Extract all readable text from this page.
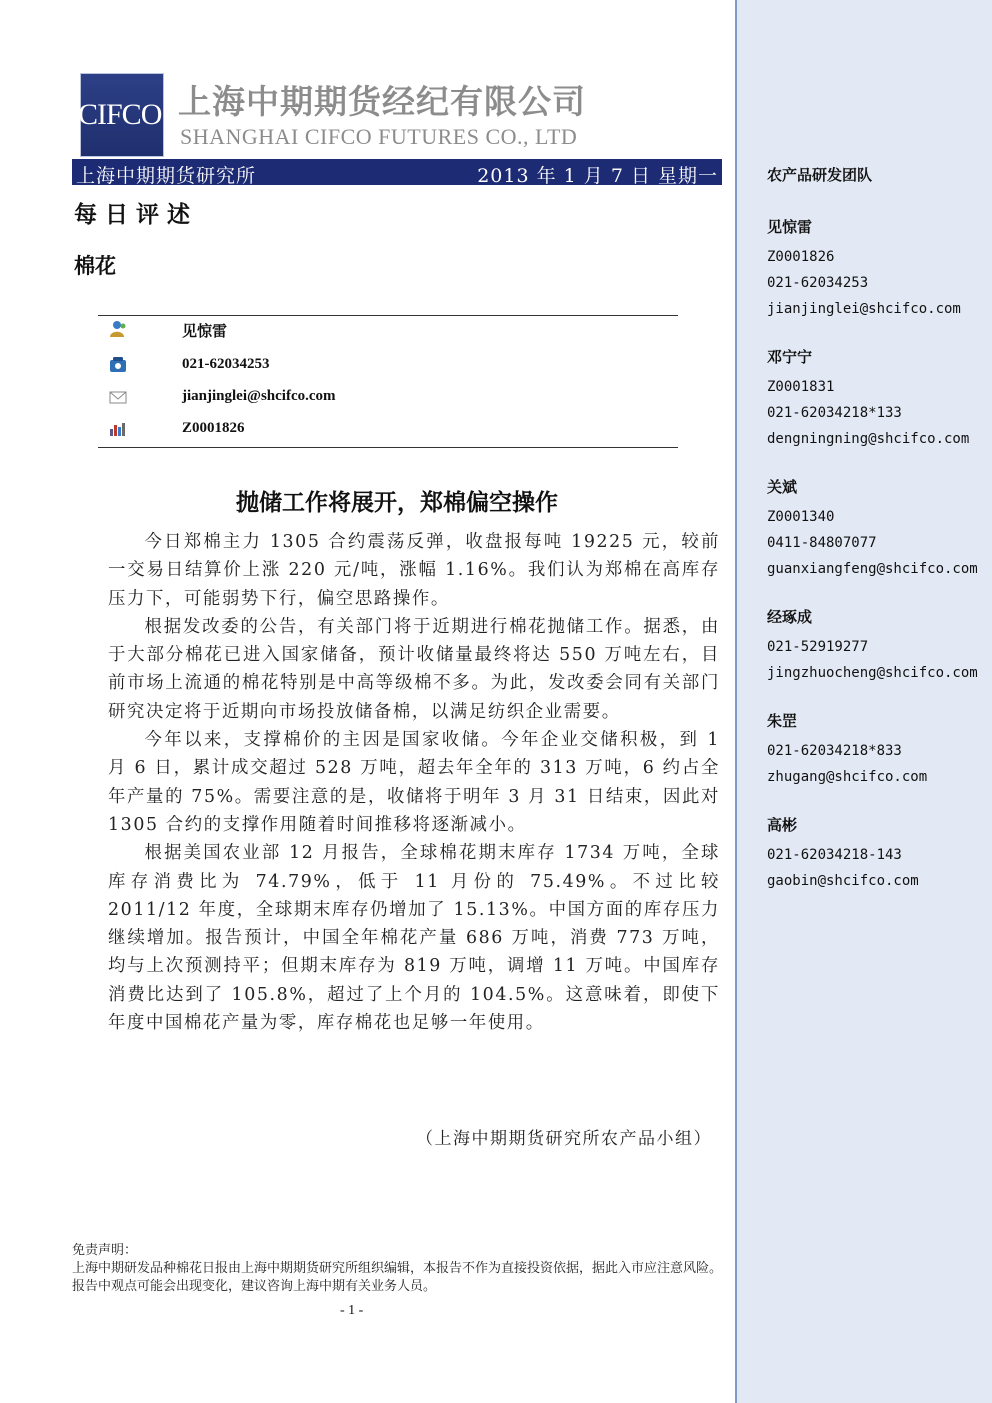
CIFCO 上海中期期货经纪有限公司
SHANGHAI CIFCO FUTURES CO., LTD
上海中期期货研究所	2013 年 1 月 7 日 星期一
每日评述
棉花
见惊雷
021-62034253
jianjinglei@shcifco.com
Z0001826
抛储工作将展开，郑棉偏空操作

今日郑棉主力 1305 合约震荡反弹，收盘报每吨 19225 元，较前一交易日结算价上涨 220 元/吨，涨幅 1.16%。我们认为郑棉在高库存压力下，可能弱势下行，偏空思路操作。

根据发改委的公告，有关部门将于近期进行棉花抛储工作。据悉，由于大部分棉花已进入国家储备，预计收储量最终将达 550 万吨左右，目前市场上流通的棉花特别是中高等级棉不多。为此，发改委会同有关部门研究决定将于近期向市场投放储备棉，以满足纺织企业需要。

今年以来，支撑棉价的主因是国家收储。今年企业交储积极，到 1 月 6 日，累计成交超过 528 万吨，超去年全年的 313 万吨，6 约占全年产量的 75%。需要注意的是，收储将于明年 3 月 31 日结束，因此对 1305 合约的支撑作用随着时间推移将逐渐减小。

根据美国农业部 12 月报告，全球棉花期末库存 1734 万吨，全球库存消费比为 74.79%，低于 11 月份的 75.49%。不过比较 2011/12 年度，全球期末库存仍增加了 15.13%。中国方面的库存压力继续增加。报告预计，中国全年棉花产量 686 万吨，消费 773 万吨，均与上次预测持平；但期末库存为 819 万吨，调增 11 万吨。中国库存消费比达到了 105.8%，超过了上个月的 104.5%。这意味着，即使下年度中国棉花产量为零，库存棉花也足够一年使用。

（上海中期期货研究所农产品小组）
免责声明：
上海中期研发品种棉花日报由上海中期期货研究所组织编辑，本报告不作为直接投资依据，据此入市应注意风险。报告中观点可能会出现变化，建议咨询上海中期有关业务人员。
- 1 -
农产品研发团队
见惊雷
Z0001826
021-62034253
jianjinglei@shcifco.com
邓宁宁
Z0001831
021-62034218*133
dengningning@shcifco.com
关斌
Z0001340
0411-84807077
guanxiangfeng@shcifco.com
经琢成
021-52919277
jingzhuocheng@shcifco.com
朱罡
021-62034218*833
zhugang@shcifco.com
高彬
021-62034218-143
gaobin@shcifco.com
